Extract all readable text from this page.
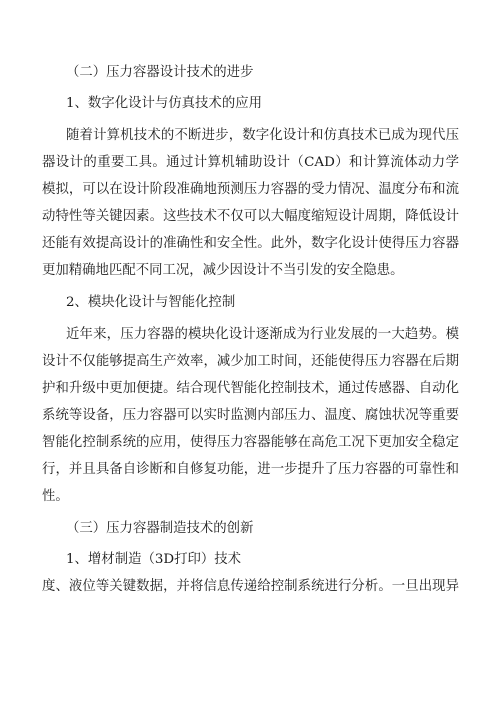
（二）压力容器设计技术的进步
1、数字化设计与仿真技术的应用
随着计算机技术的不断进步，数字化设计和仿真技术已成为现代压
器设计的重要工具。通过计算机辅助设计（CAD）和计算流体动力学
模拟，可以在设计阶段准确地预测压力容器的受力情况、温度分布和流
动特性等关键因素。这些技术不仅可以大幅度缩短设计周期，降低设计
还能有效提高设计的准确性和安全性。此外，数字化设计使得压力容器
更加精确地匹配不同工况，减少因设计不当引发的安全隐患。
2、模块化设计与智能化控制
近年来，压力容器的模块化设计逐渐成为行业发展的一大趋势。模
设计不仅能够提高生产效率，减少加工时间，还能使得压力容器在后期
护和升级中更加便捷。结合现代智能化控制技术，通过传感器、自动化
系统等设备，压力容器可以实时监测内部压力、温度、腐蚀状况等重要
智能化控制系统的应用，使得压力容器能够在高危工况下更加安全稳定
行，并且具备自诊断和自修复功能，进一步提升了压力容器的可靠性和
性。
（三）压力容器制造技术的创新
1、增材制造（3D打印）技术
度、液位等关键数据，并将信息传递给控制系统进行分析。一旦出现异
